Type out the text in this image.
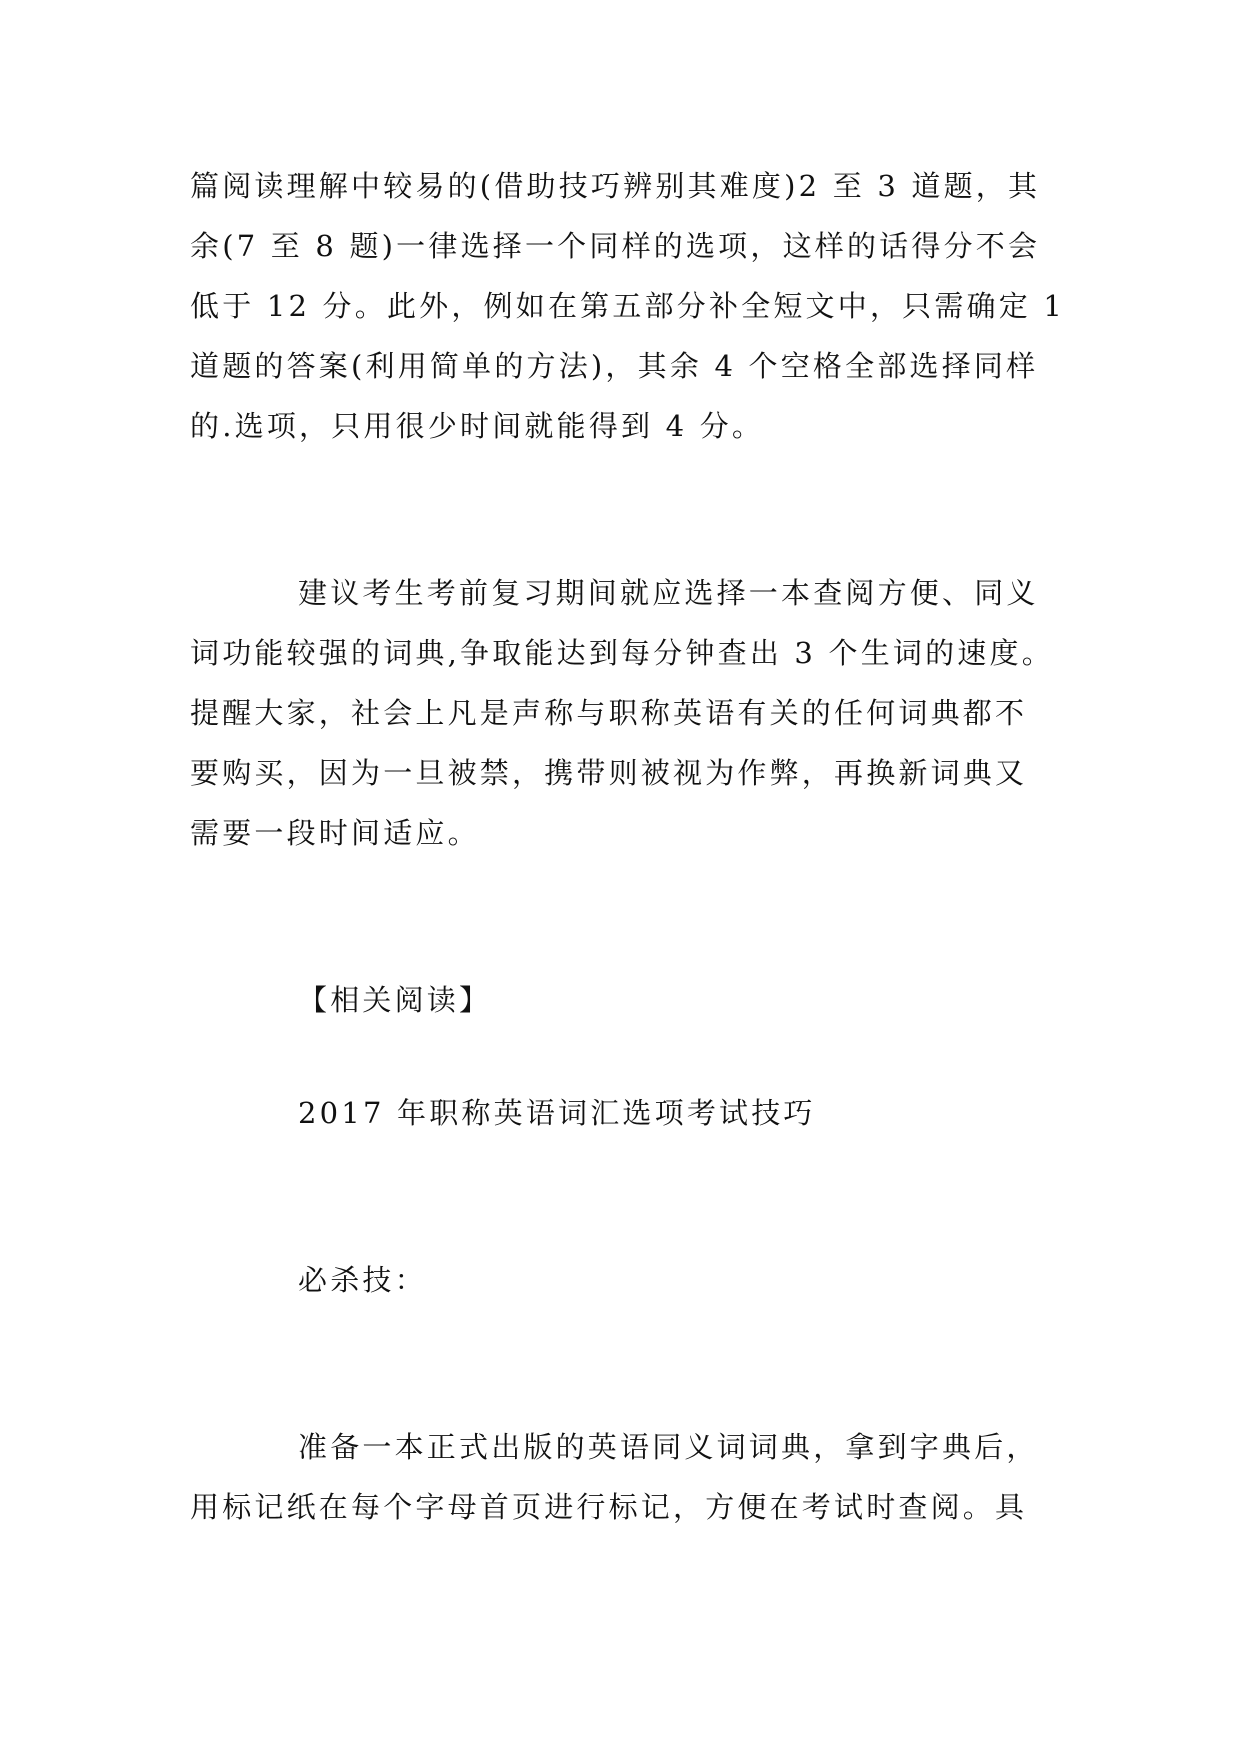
篇阅读理解中较易的(借助技巧辨别其难度)2 至 3 道题，其
余(7 至 8 题)一律选择一个同样的选项，这样的话得分不会
低于 12 分。此外，例如在第五部分补全短文中，只需确定 1
道题的答案(利用简单的方法)，其余 4 个空格全部选择同样
的.选项，只用很少时间就能得到 4 分。
建议考生考前复习期间就应选择一本查阅方便、同义
词功能较强的词典,争取能达到每分钟查出 3 个生词的速度。
提醒大家，社会上凡是声称与职称英语有关的任何词典都不
要购买，因为一旦被禁，携带则被视为作弊，再换新词典又
需要一段时间适应。
【相关阅读】
2017 年职称英语词汇选项考试技巧
必杀技：
准备一本正式出版的英语同义词词典，拿到字典后，
用标记纸在每个字母首页进行标记，方便在考试时查阅。具
